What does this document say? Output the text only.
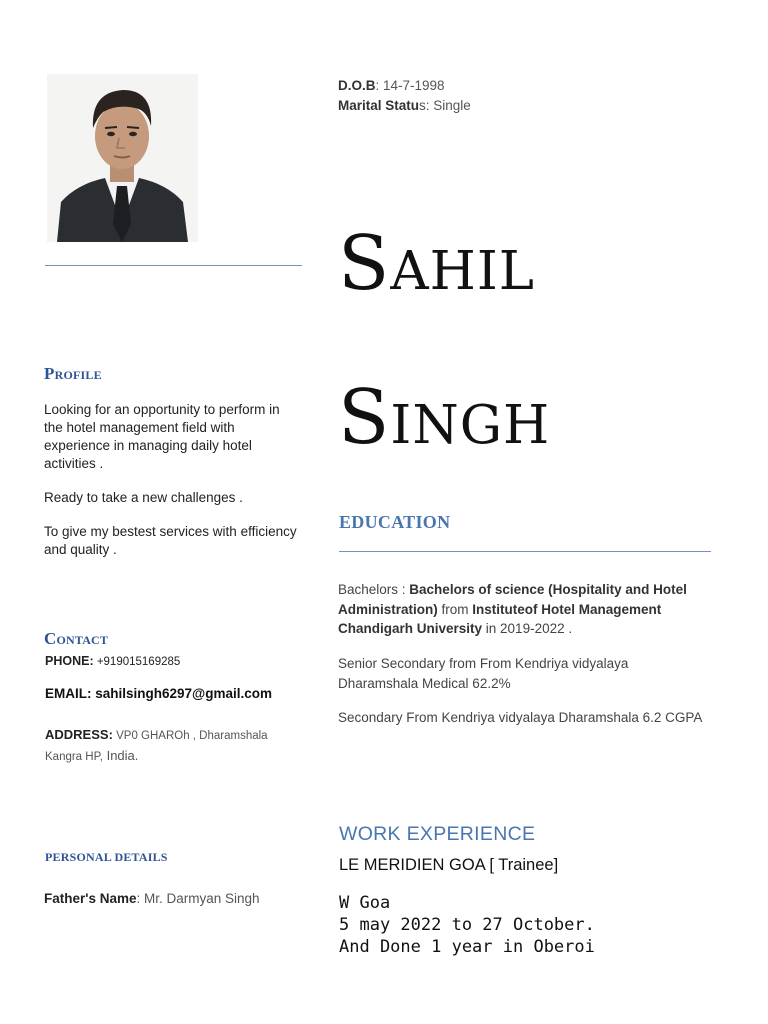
D.O.B: 14-7-1998
Marital Status: Single
Sahil
Singh
Profile

Looking for an opportunity to perform in the hotel management field with experience in managing daily hotel activities .

Ready to take a new challenges .

To give my bestest services with efficiency and quality .

Contact
PHONE: +919015169285
EMAIL: sahilsingh6297@gmail.com
ADDRESS: VP0 GHAROh , Dharamshala Kangra HP, India.
PERSONAL DETAILS
Father's Name: Mr. Darmyan Singh
EDUCATION
Bachelors : Bachelors of science (Hospitality and Hotel Administration) from Instituteof Hotel Management Chandigarh University in 2019-2022 .
Senior Secondary from From Kendriya vidyalaya Dharamshala Medical 62.2%
Secondary From Kendriya vidyalaya Dharamshala 6.2 CGPA
WORK EXPERIENCE
LE MERIDIEN GOA [ Trainee]
W Goa
5 may 2022 to 27 October.
And Done 1 year in Oberoi
